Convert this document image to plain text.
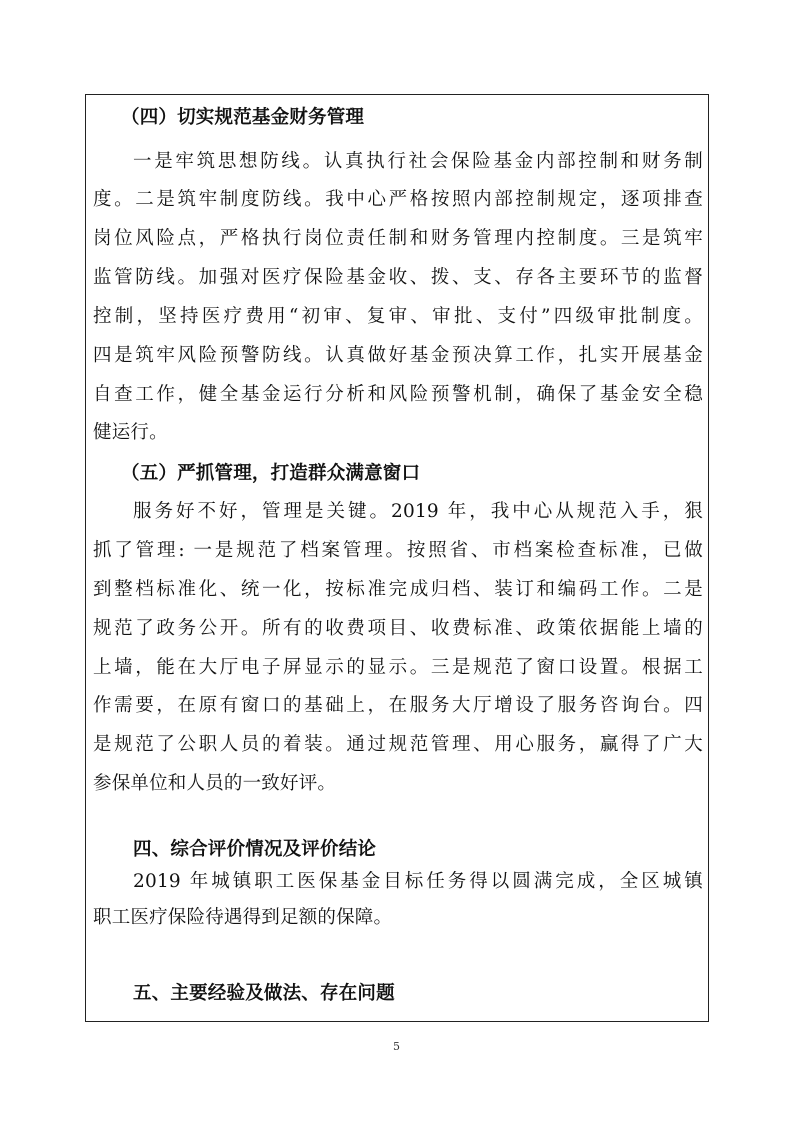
（四）切实规范基金财务管理
一是牢筑思想防线。认真执行社会保险基金内部控制和财务制
度。二是筑牢制度防线。我中心严格按照内部控制规定，逐项排查
岗位风险点，严格执行岗位责任制和财务管理内控制度。三是筑牢
监管防线。加强对医疗保险基金收、拨、支、存各主要环节的监督
控制，坚持医疗费用“初审、复审、审批、支付”四级审批制度。
四是筑牢风险预警防线。认真做好基金预决算工作，扎实开展基金
自查工作，健全基金运行分析和风险预警机制，确保了基金安全稳
健运行。
（五）严抓管理，打造群众满意窗口
服务好不好，管理是关键。2019 年，我中心从规范入手，狠
抓了管理: 一是规范了档案管理。按照省、市档案检查标准，已做
到整档标准化、统一化，按标准完成归档、装订和编码工作。二是
规范了政务公开。所有的收费项目、收费标准、政策依据能上墙的
上墙，能在大厅电子屏显示的显示。三是规范了窗口设置。根据工
作需要，在原有窗口的基础上，在服务大厅增设了服务咨询台。四
是规范了公职人员的着装。通过规范管理、用心服务，赢得了广大
参保单位和人员的一致好评。
四、综合评价情况及评价结论
2019 年城镇职工医保基金目标任务得以圆满完成，全区城镇
职工医疗保险待遇得到足额的保障。
五、主要经验及做法、存在问题
5
